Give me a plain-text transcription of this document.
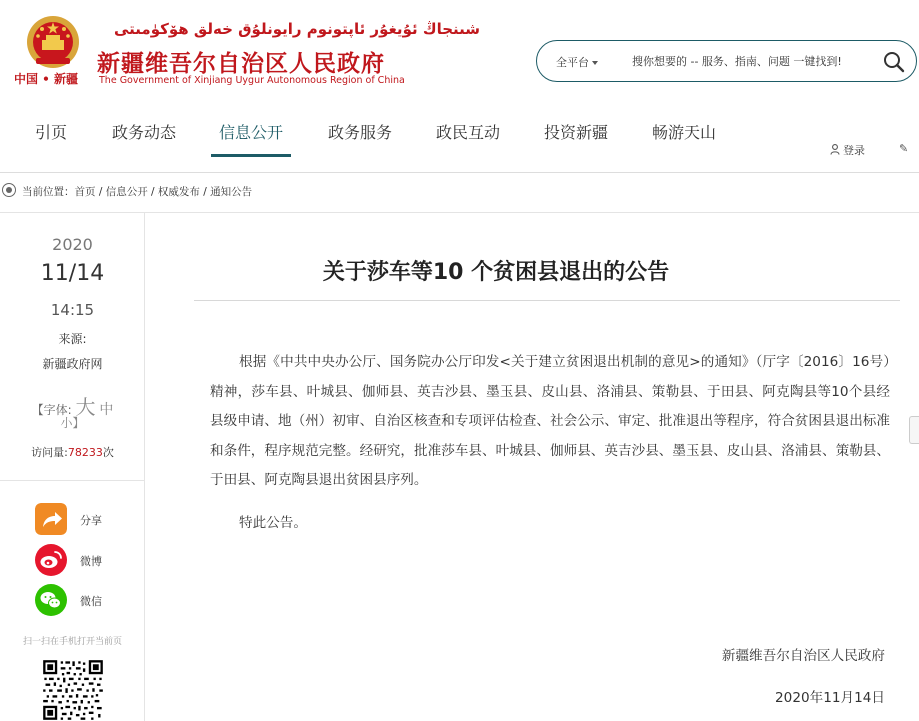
中国 • 新疆
شىنجاڭ ئۇيغۇر ئاپتونوم رايونلۇق خەلق ھۆكۈمىتى
新疆维吾尔自治区人民政府
The Government of Xinjiang Uygur Autonomous Region of China
全平台	搜你想要的 -- 服务、指南、问题 一键找到!
引页	政务动态	信息公开	政务服务	政民互动	投资新疆	畅游天山
登录	✎
当前位置：首页 / 信息公开 / 权威发布 / 通知公告
2020
11/14
14:15
来源:
新疆政府网
【字体: 大 中
小】
访问量:78233次
分享
微博
微信
扫一扫在手机打开当前页
关于莎车等10 个贫困县退出的公告
根据《中共中央办公厅、国务院办公厅印发<关于建立贫困退出机制的意见>的通知》（厅字〔2016〕16号）精神，莎车县、叶城县、伽师县、英吉沙县、墨玉县、皮山县、洛浦县、策勒县、于田县、阿克陶县等10个县经县级申请、地（州）初审、自治区核查和专项评估检查、社会公示、审定、批准退出等程序，符合贫困县退出标准和条件，程序规范完整。经研究，批准莎车县、叶城县、伽师县、英吉沙县、墨玉县、皮山县、洛浦县、策勒县、于田县、阿克陶县退出贫困县序列。
特此公告。
新疆维吾尔自治区人民政府
2020年11月14日
